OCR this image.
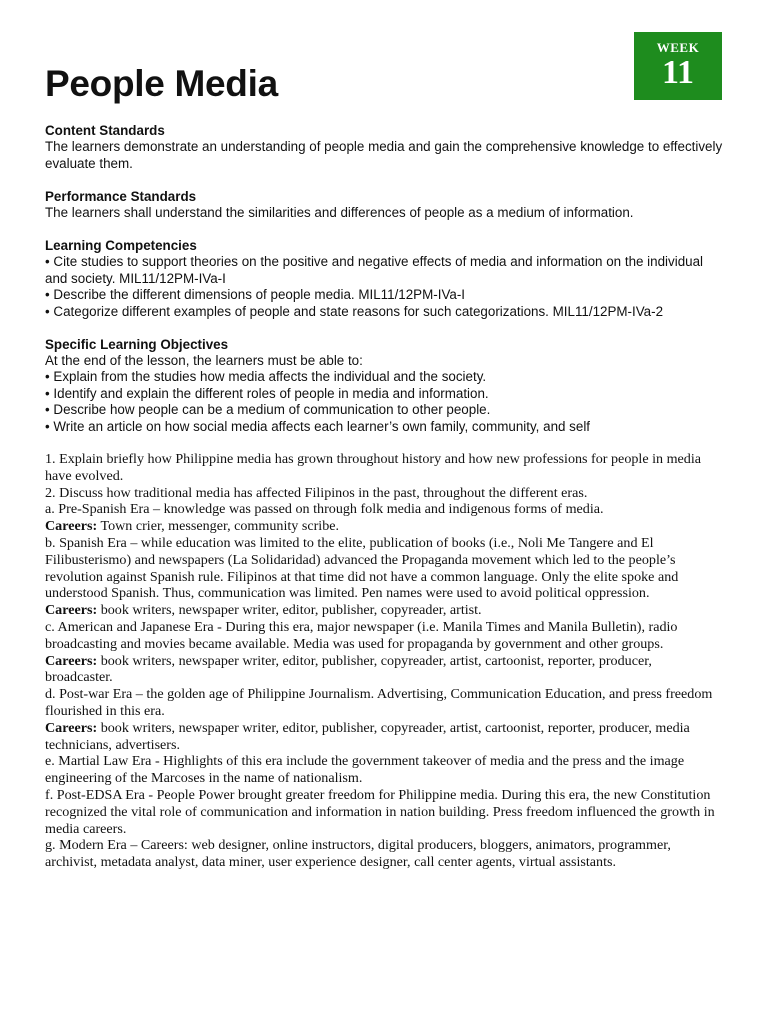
WEEK
11
People Media
Content Standards

The learners demonstrate an understanding of people media and gain the comprehensive knowledge to effectively evaluate them.

Performance Standards

The learners shall understand the similarities and differences of people as a medium of information.

Learning Competencies

• Cite studies to support theories on the positive and negative effects of media and information on the individual and society. MIL11/12PM-IVa-I

• Describe the different dimensions of people media. MIL11/12PM-IVa-I

• Categorize different examples of people and state reasons for such categorizations. MIL11/12PM-IVa-2

Specific Learning Objectives

At the end of the lesson, the learners must be able to:

• Explain from the studies how media affects the individual and the society.

• Identify and explain the different roles of people in media and information.

• Describe how people can be a medium of communication to other people.

• Write an article on how social media affects each learner’s own family, community, and self

1. Explain briefly how Philippine media has grown throughout history and how new professions for people in media have evolved.

2. Discuss how traditional media has affected Filipinos in the past, throughout the different eras.

a. Pre-Spanish Era – knowledge was passed on through folk media and indigenous forms of media.

Careers: Town crier, messenger, community scribe.

b. Spanish Era – while education was limited to the elite, publication of books (i.e., Noli Me Tangere and El Filibusterismo) and newspapers (La Solidaridad) advanced the Propaganda movement which led to the people’s revolution against Spanish rule. Filipinos at that time did not have a common language. Only the elite spoke and understood Spanish. Thus, communication was limited. Pen names were used to avoid political oppression.

Careers: book writers, newspaper writer, editor, publisher, copyreader, artist.

c. American and Japanese Era - During this era, major newspaper (i.e. Manila Times and Manila Bulletin), radio broadcasting and movies became available. Media was used for propaganda by government and other groups.

Careers: book writers, newspaper writer, editor, publisher, copyreader, artist, cartoonist, reporter, producer, broadcaster.

d. Post-war Era – the golden age of Philippine Journalism. Advertising, Communication Education, and press freedom flourished in this era.

Careers: book writers, newspaper writer, editor, publisher, copyreader, artist, cartoonist, reporter, producer, media technicians, advertisers.

e. Martial Law Era - Highlights of this era include the government takeover of media and the press and the image engineering of the Marcoses in the name of nationalism.

f. Post-EDSA Era - People Power brought greater freedom for Philippine media. During this era, the new Constitution recognized the vital role of communication and information in nation building. Press freedom influenced the growth in media careers.

g. Modern Era – Careers: web designer, online instructors, digital producers, bloggers, animators, programmer, archivist, metadata analyst, data miner, user experience designer, call center agents, virtual assistants.
